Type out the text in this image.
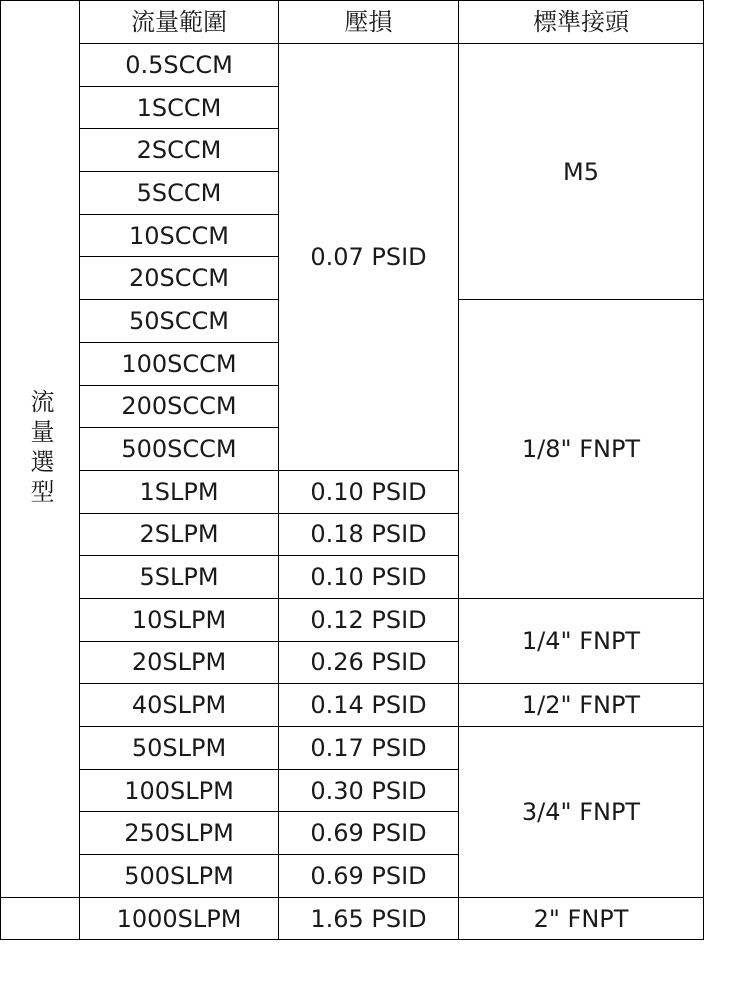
流量選型	流量範圍	壓損	標準接頭
	0.5SCCM	0.07 PSID	M5
	1SCCM		
	2SCCM		
	5SCCM		
	10SCCM		
	20SCCM		
	50SCCM		1/8" FNPT
	100SCCM		
	200SCCM		
	500SCCM		
	1SLPM	0.10 PSID	
	2SLPM	0.18 PSID	
	5SLPM	0.10 PSID	
	10SLPM	0.12 PSID	1/4" FNPT
	20SLPM	0.26 PSID	
	40SLPM	0.14 PSID	1/2" FNPT
	50SLPM	0.17 PSID	3/4" FNPT
	100SLPM	0.30 PSID	
	250SLPM	0.69 PSID	
	500SLPM	0.69 PSID	
	1000SLPM	1.65 PSID	2" FNPT
